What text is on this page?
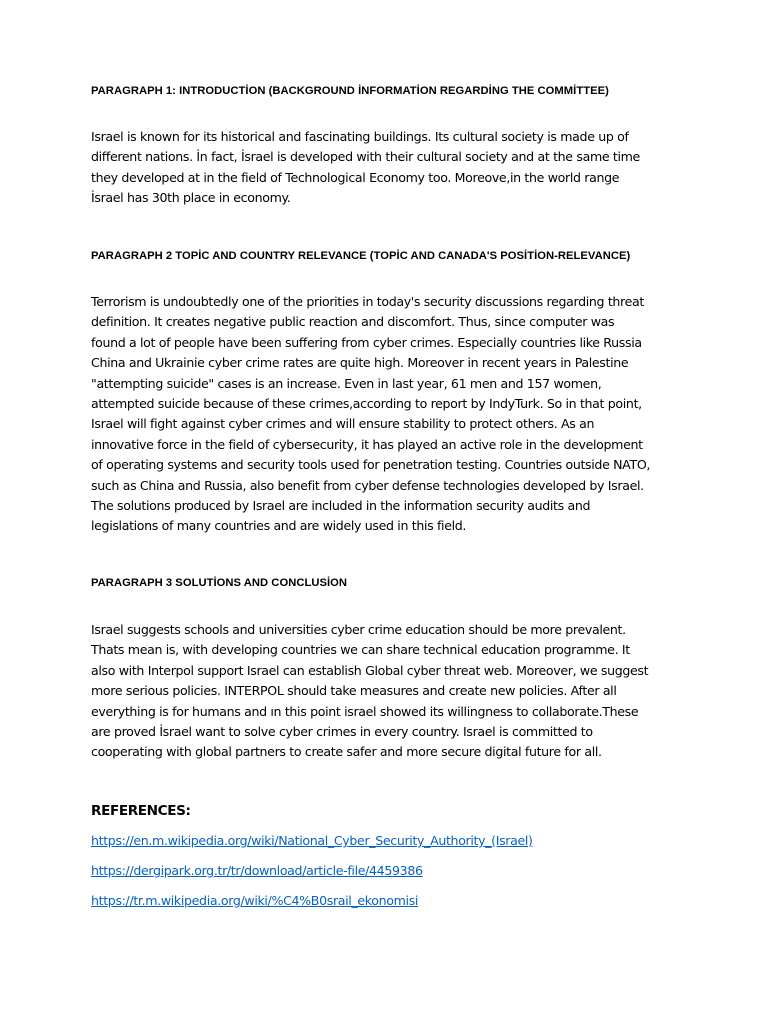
PARAGRAPH 1: INTRODUCTİON (BACKGROUND İNFORMATİON REGARDİNG THE COMMİTTEE)

Israel is known for its historical and fascinating buildings. Its cultural society is made up of
different nations. İn fact, İsrael is developed with their cultural society and at the same time
they developed at in the field of Technological Economy too. Moreove,in the world range
İsrael has 30th place in economy.

PARAGRAPH 2 TOPİC AND COUNTRY RELEVANCE (TOPİC AND CANADA'S POSİTİON-RELEVANCE)

Terrorism is undoubtedly one of the priorities in today's security discussions regarding threat
definition. It creates negative public reaction and discomfort. Thus, since computer was
found a lot of people have been suffering from cyber crimes. Especially countries like Russia
China and Ukrainie cyber crime rates are quite high. Moreover in recent years in Palestine
"attempting suicide" cases is an increase. Even in last year, 61 men and 157 women,
attempted suicide because of these crimes,according to report by IndyTurk. So in that point,
Israel will fight against cyber crimes and will ensure stability to protect others. As an
innovative force in the field of cybersecurity, it has played an active role in the development
of operating systems and security tools used for penetration testing. Countries outside NATO,
such as China and Russia, also benefit from cyber defense technologies developed by Israel.
The solutions produced by Israel are included in the information security audits and
legislations of many countries and are widely used in this field.

PARAGRAPH 3 SOLUTİONS AND CONCLUSİON

Israel suggests schools and universities cyber crime education should be more prevalent.
Thats mean is, with developing countries we can share technical education programme. It
also with Interpol support Israel can establish Global cyber threat web. Moreover, we suggest
more serious policies. INTERPOL should take measures and create new policies. After all
everything is for humans and ın this point israel showed its willingness to collaborate.These
are proved İsrael want to solve cyber crimes in every country. Israel is committed to
cooperating with global partners to create safer and more secure digital future for all.

REFERENCES:

https://en.m.wikipedia.org/wiki/National_Cyber_Security_Authority_(Israel)
https://dergipark.org.tr/tr/download/article-file/4459386
https://tr.m.wikipedia.org/wiki/%C4%B0srail_ekonomisi
